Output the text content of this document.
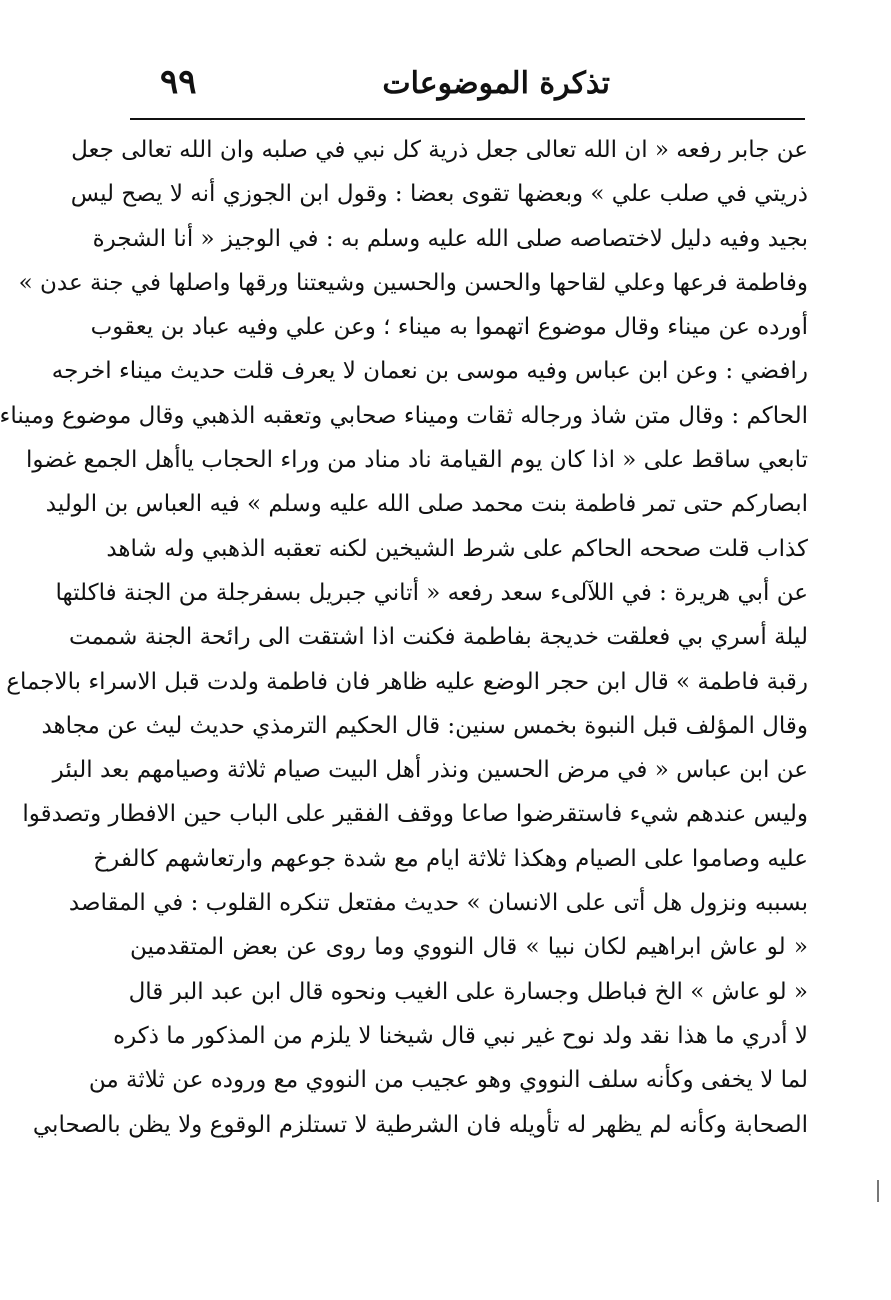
٩٩	تذكرة الموضوعات
عن جابر رفعه « ان الله تعالى جعل ذرية كل نبي في صلبه وان الله تعالى جعل
ذريتي في صلب علي » وبعضها تقوى بعضا : وقول ابن الجوزي أنه لا يصح ليس
بجيد وفيه دليل لاختصاصه صلى الله عليه وسلم به : في الوجيز « أنا الشجرة
وفاطمة فرعها وعلي لقاحها والحسن والحسين وشيعتنا ورقها واصلها في جنة عدن »
أورده عن ميناء وقال موضوع اتهموا به ميناء ؛ وعن علي وفيه عباد بن يعقوب
رافضي : وعن ابن عباس وفيه موسى بن نعمان لا يعرف قلت حديث ميناء اخرجه
الحاكم : وقال متن شاذ ورجاله ثقات وميناء صحابي وتعقبه الذهبي وقال موضوع وميناء
تابعي ساقط على « اذا كان يوم القيامة ناد مناد من وراء الحجاب ياأهل الجمع غضوا
ابصاركم حتى تمر فاطمة بنت محمد صلى الله عليه وسلم » فيه العباس بن الوليد
كذاب قلت صححه الحاكم على شرط الشيخين لكنه تعقبه الذهبي وله شاهد
عن أبي هريرة : في اللآلىء سعد رفعه « أتاني جبريل بسفرجلة من الجنة فاكلتها
ليلة أسري بي فعلقت خديجة بفاطمة فكنت اذا اشتقت الى رائحة الجنة شممت
رقبة فاطمة » قال ابن حجر الوضع عليه ظاهر فان فاطمة ولدت قبل الاسراء بالاجماع
وقال المؤلف قبل النبوة بخمس سنين: قال الحكيم الترمذي حديث ليث عن مجاهد
عن ابن عباس « في مرض الحسين ونذر أهل البيت صيام ثلاثة وصيامهم بعد البئر
وليس عندهم شيء فاستقرضوا صاعا ووقف الفقير على الباب حين الافطار وتصدقوا
عليه وصاموا على الصيام وهكذا ثلاثة ايام مع شدة جوعهم وارتعاشهم كالفرخ
بسببه ونزول هل أتى على الانسان » حديث مفتعل تنكره القلوب : في المقاصد
« لو عاش ابراهيم لكان نبيا » قال النووي وما روى عن بعض المتقدمين
« لو عاش » الخ فباطل وجسارة على الغيب ونحوه قال ابن عبد البر قال
لا أدري ما هذا نقد ولد نوح غير نبي قال شيخنا لا يلزم من المذكور ما ذكره
لما لا يخفى وكأنه سلف النووي وهو عجيب من النووي مع وروده عن ثلاثة من
الصحابة وكأنه لم يظهر له تأويله فان الشرطية لا تستلزم الوقوع ولا يظن بالصحابي
